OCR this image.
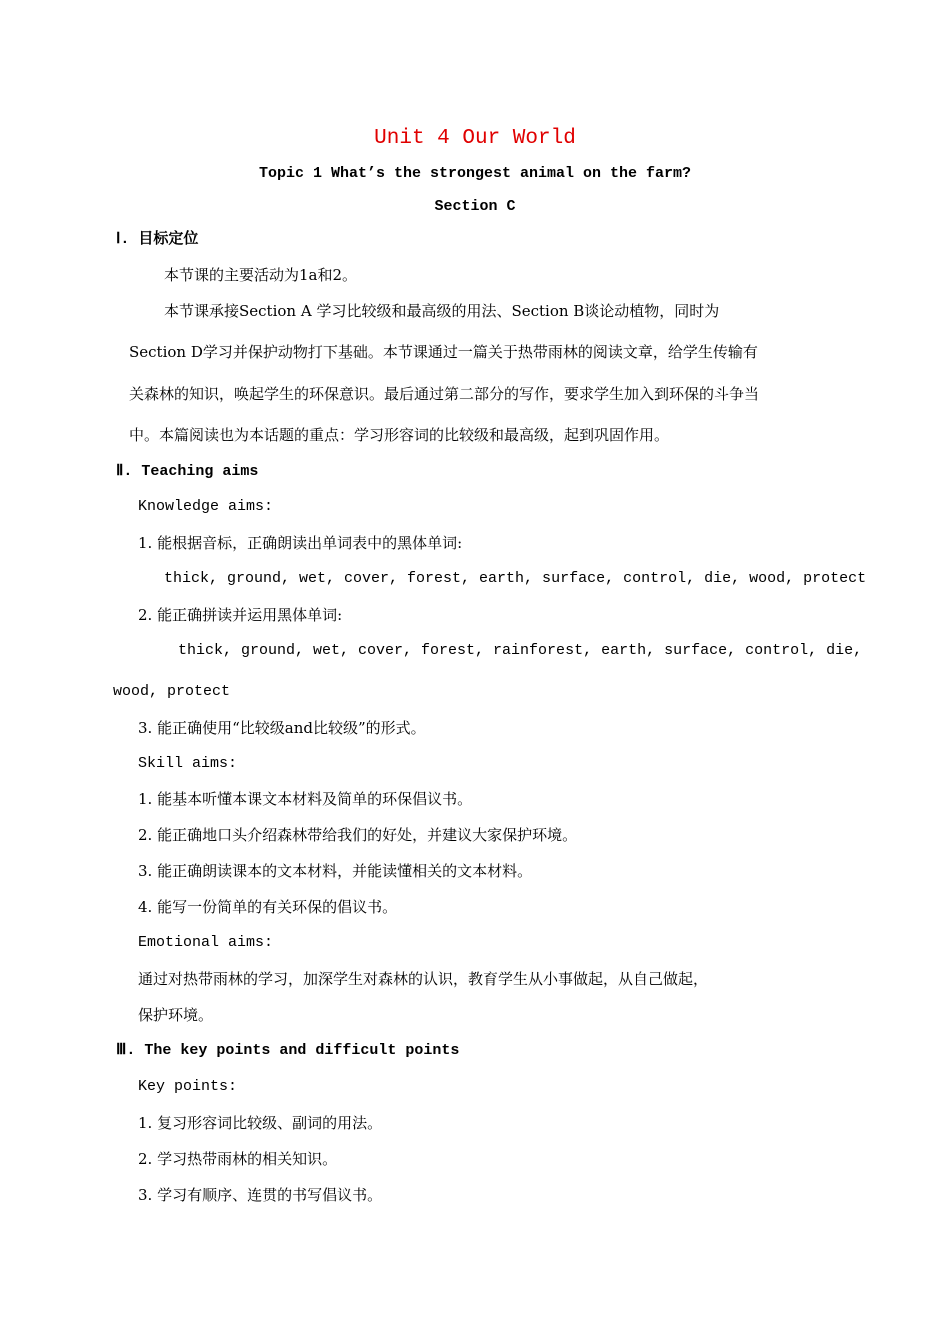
Unit 4 Our World
Topic 1 What’s the strongest animal on the farm?
Section C
Ⅰ. 目标定位
本节课的主要活动为1a和2。
本节课承接Section A 学习比较级和最高级的用法、Section B谈论动植物，同时为
Section D学习并保护动物打下基础。本节课通过一篇关于热带雨林的阅读文章，给学生传输有
关森林的知识，唤起学生的环保意识。最后通过第二部分的写作，要求学生加入到环保的斗争当
中。本篇阅读也为本话题的重点：学习形容词的比较级和最高级，起到巩固作用。
Ⅱ. Teaching aims
Knowledge aims:
1. 能根据音标，正确朗读出单词表中的黑体单词:
thick, ground, wet, cover, forest, earth, surface, control, die, wood, protect
2. 能正确拼读并运用黑体单词:
thick, ground, wet, cover, forest, rainforest, earth, surface, control, die,
wood, protect
3. 能正确使用“比较级and比较级”的形式。
Skill aims:
1. 能基本听懂本课文本材料及简单的环保倡议书。
2. 能正确地口头介绍森林带给我们的好处，并建议大家保护环境。
3. 能正确朗读课本的文本材料，并能读懂相关的文本材料。
4. 能写一份简单的有关环保的倡议书。
Emotional aims:
通过对热带雨林的学习，加深学生对森林的认识，教育学生从小事做起，从自己做起，
保护环境。
Ⅲ. The key points and difficult points
Key points:
1. 复习形容词比较级、副词的用法。
2. 学习热带雨林的相关知识。
3. 学习有顺序、连贯的书写倡议书。
